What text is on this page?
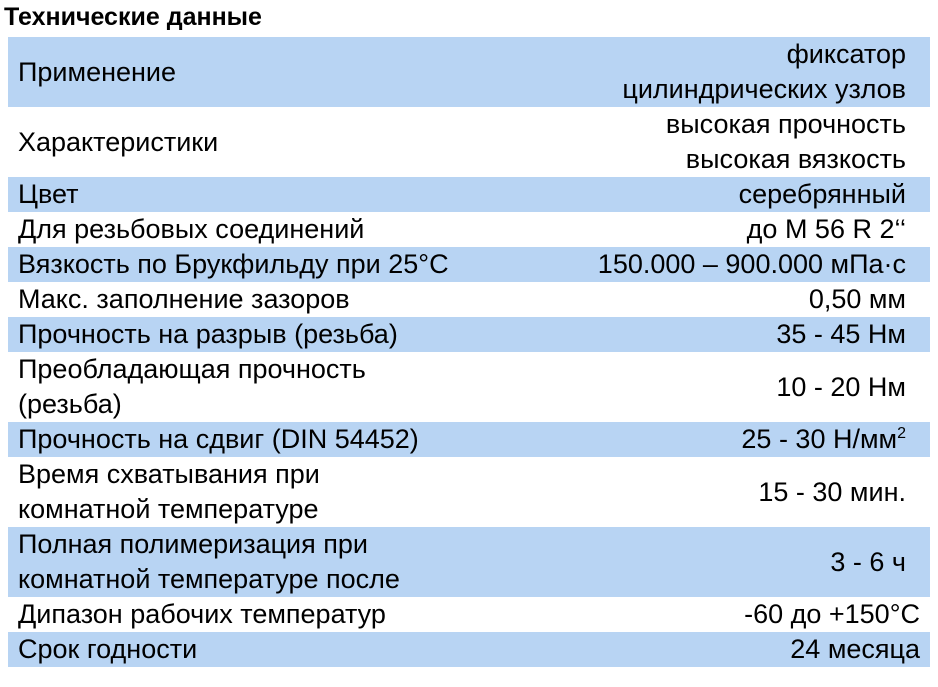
Технические данные
Применение	фиксатор
цилиндрических узлов
Характеристики	высокая прочность
высокая вязкость
Цвет	серебрянный
Для резьбовых соединений	до М 56 R 2‘‘
Вязкость по Брукфильду при 25°C	150.000 – 900.000 мПа·с
Макс. заполнение зазоров	0,50 мм
Прочность на разрыв (резьба)	35 - 45 Нм
Преобладающая прочность
(резьба)	10 - 20 Нм
Прочность на сдвиг (DIN 54452)	25 - 30 $Н/мм^2$
Время схватывания при
комнатной температуре	15 - 30 мин.
Полная полимеризация при
комнатной температуре после	3 - 6 ч
Дипазон рабочих температур	-60 до +150°C
Срок годности	24 месяца
